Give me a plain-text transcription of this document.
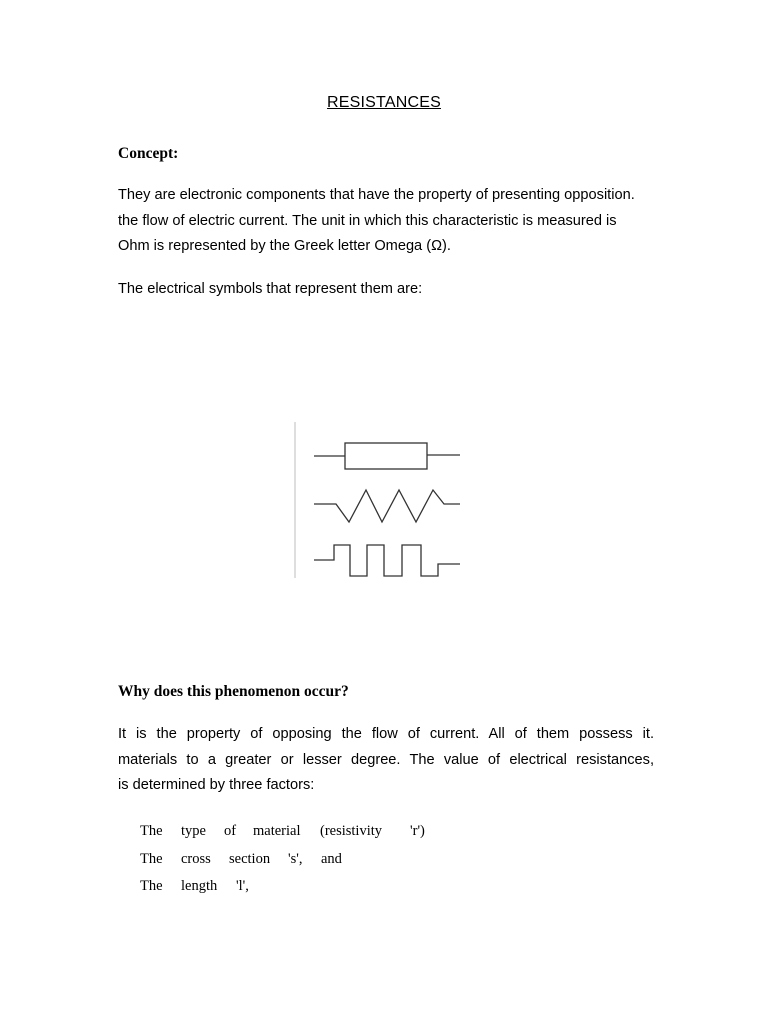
RESISTANCES
Concept:
They are electronic components that have the property of presenting opposition.
the flow of electric current. The unit in which this characteristic is measured is
Ohm is represented by the Greek letter Omega (Ω).
The electrical symbols that represent them are:
Why does this phenomenon occur?
It is the property of opposing the flow of current. All of them possess it.
materials to a greater or lesser degree. The value of electrical resistances,
is determined by three factors:
The	type	of	material	(resistivity	'r')
The	cross	section	's',	and
The	length	'l',
